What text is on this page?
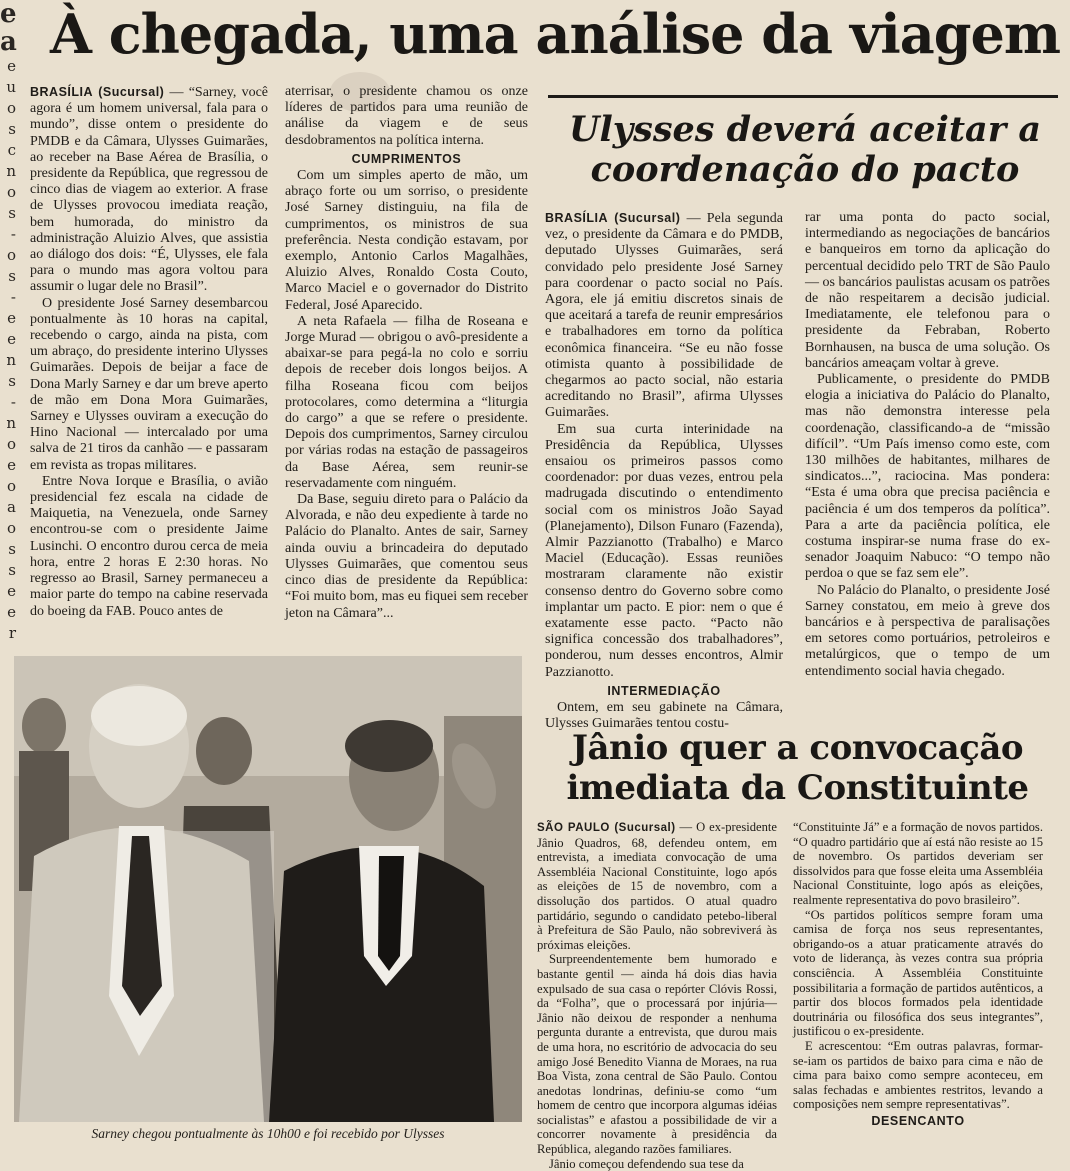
e
a
e
u
o
s
c
n
o
s
-
o
s
-
e
e
n
s
-
n
o
e
o
a
o
s
s
e
e
r
À chegada, uma análise da viagem

BRASÍLIA (Sucursal) — “Sarney, você agora é um homem universal, fala para o mundo”, disse ontem o presidente do PMDB e da Câmara, Ulysses Guimarães, ao receber na Base Aérea de Brasília, o presidente da República, que regressou de cinco dias de viagem ao exterior. A frase de Ulysses provocou imediata reação, bem humorada, do ministro da administração Aluizio Alves, que assistia ao diálogo dos dois: “É, Ulysses, ele fala para o mundo mas agora voltou para assumir o lugar dele no Brasil”.

O presidente José Sarney desembarcou pontualmente às 10 horas na capital, recebendo o cargo, ainda na pista, com um abraço, do presidente interino Ulysses Guimarães. Depois de beijar a face de Dona Marly Sarney e dar um breve aperto de mão em Dona Mora Guimarães, Sarney e Ulysses ouviram a execução do Hino Nacional — intercalado por uma salva de 21 tiros da canhão — e passaram em revista as tropas militares.

Entre Nova Iorque e Brasília, o avião presidencial fez escala na cidade de Maiquetia, na Venezuela, onde Sarney encontrou-se com o presidente Jaime Lusinchi. O encontro durou cerca de meia hora, entre 2 horas E 2:30 horas. No regresso ao Brasil, Sarney permaneceu a maior parte do tempo na cabine reservada do boeing da FAB. Pouco antes de

aterrisar, o presidente chamou os onze líderes de partidos para uma reunião de análise da viagem e de seus desdobramentos na política interna.

CUMPRIMENTOS

Com um simples aperto de mão, um abraço forte ou um sorriso, o presidente José Sarney distinguiu, na fila de cumprimentos, os ministros de sua preferência. Nesta condição estavam, por exemplo, Antonio Carlos Magalhães, Aluizio Alves, Ronaldo Costa Couto, Marco Maciel e o governador do Distrito Federal, José Aparecido.

A neta Rafaela — filha de Roseana e Jorge Murad — obrigou o avô-presidente a abaixar-se para pegá-la no colo e sorriu depois de receber dois longos beijos. A filha Roseana ficou com beijos protocolares, como determina a “liturgia do cargo” a que se refere o presidente. Depois dos cumprimentos, Sarney circulou por várias rodas na estação de passageiros da Base Aérea, sem reunir-se reservadamente com ninguém.

Da Base, seguiu direto para o Palácio da Alvorada, e não deu expediente à tarde no Palácio do Planalto. Antes de sair, Sarney ainda ouviu a brincadeira do deputado Ulysses Guimarães, que comentou seus cinco dias de presidente da República: “Foi muito bom, mas eu fiquei sem receber jeton na Câmara”...

Ulysses deverá aceitar a coordenação do pacto

BRASÍLIA (Sucursal) — Pela segunda vez, o presidente da Câmara e do PMDB, deputado Ulysses Guimarães, será convidado pelo presidente José Sarney para coordenar o pacto social no País. Agora, ele já emitiu discretos sinais de que aceitará a tarefa de reunir empresários e trabalhadores em torno da política econômica financeira. “Se eu não fosse otimista quanto à possibilidade de chegarmos ao pacto social, não estaria acreditando no Brasil”, afirma Ulysses Guimarães.

Em sua curta interinidade na Presidência da República, Ulysses ensaiou os primeiros passos como coordenador: por duas vezes, entrou pela madrugada discutindo o entendimento social com os ministros João Sayad (Planejamento), Dilson Funaro (Fazenda), Almir Pazzianotto (Trabalho) e Marco Maciel (Educação). Essas reuniões mostraram claramente não existir consenso dentro do Governo sobre como implantar um pacto. E pior: nem o que é exatamente esse pacto. “Pacto não significa concessão dos trabalhadores”, ponderou, num desses encontros, Almir Pazzianotto.

INTERMEDIAÇÃO

Ontem, em seu gabinete na Câmara, Ulysses Guimarães tentou costu-

rar uma ponta do pacto social, intermediando as negociações de bancários e banqueiros em torno da aplicação do percentual decidido pelo TRT de São Paulo — os bancários paulistas acusam os patrões de não respeitarem a decisão judicial. Imediatamente, ele telefonou para o presidente da Febraban, Roberto Bornhausen, na busca de uma solução. Os bancários ameaçam voltar à greve.

Publicamente, o presidente do PMDB elogia a iniciativa do Palácio do Planalto, mas não demonstra interesse pela coordenação, classificando-a de “missão difícil”. “Um País imenso como este, com 130 milhões de habitantes, milhares de sindicatos...”, raciocina. Mas pondera: “Esta é uma obra que precisa paciência e paciência é um dos temperos da política”. Para a arte da paciência política, ele costuma inspirar-se numa frase do ex-senador Joaquim Nabuco: “O tempo não perdoa o que se faz sem ele”.

No Palácio do Planalto, o presidente José Sarney constatou, em meio à greve dos bancários e à perspectiva de paralisações em setores como portuários, petroleiros e metalúrgicos, que o tempo de um entendimento social havia chegado.

Sarney chegou pontualmente às 10h00 e foi recebido por Ulysses
Jânio quer a convocação imediata da Constituinte

SÃO PAULO (Sucursal) — O ex-presidente Jânio Quadros, 68, defendeu ontem, em entrevista, a imediata convocação de uma Assembléia Nacional Constituinte, logo após as eleições de 15 de novembro, com a dissolução dos partidos. O atual quadro partidário, segundo o candidato petebo-liberal à Prefeitura de São Paulo, não sobreviverá às próximas eleições.

Surpreendentemente bem humorado e bastante gentil — ainda há dois dias havia expulsado de sua casa o repórter Clóvis Rossi, da “Folha”, que o processará por injúria— Jânio não deixou de responder a nenhuma pergunta durante a entrevista, que durou mais de uma hora, no escritório de advocacia do seu amigo José Benedito Vianna de Moraes, na rua Boa Vista, zona central de São Paulo. Contou anedotas londrinas, definiu-se como “um homem de centro que incorpora algumas idéias socialistas” e afastou a possibilidade de vir a concorrer novamente à presidência da República, alegando razões familiares.

Jânio começou defendendo sua tese da

“Constituinte Já” e a formação de novos partidos. “O quadro partidário que aí está não resiste ao 15 de novembro. Os partidos deveriam ser dissolvidos para que fosse eleita uma Assembléia Nacional Constituinte, logo após as eleições, realmente representativa do povo brasileiro”.

“Os partidos políticos sempre foram uma camisa de força nos seus representantes, obrigando-os a atuar praticamente através do voto de liderança, às vezes contra sua própria consciência. A Assembléia Constituinte possibilitaria a formação de partidos autênticos, a partir dos blocos formados pela identidade doutrinária ou filosófica dos seus integrantes”, justificou o ex-presidente.

E acrescentou: “Em outras palavras, formar-se-iam os partidos de baixo para cima e não de cima para baixo como sempre aconteceu, em salas fechadas e ambientes restritos, levando a composições nem sempre representativas”.

DESENCANTO
